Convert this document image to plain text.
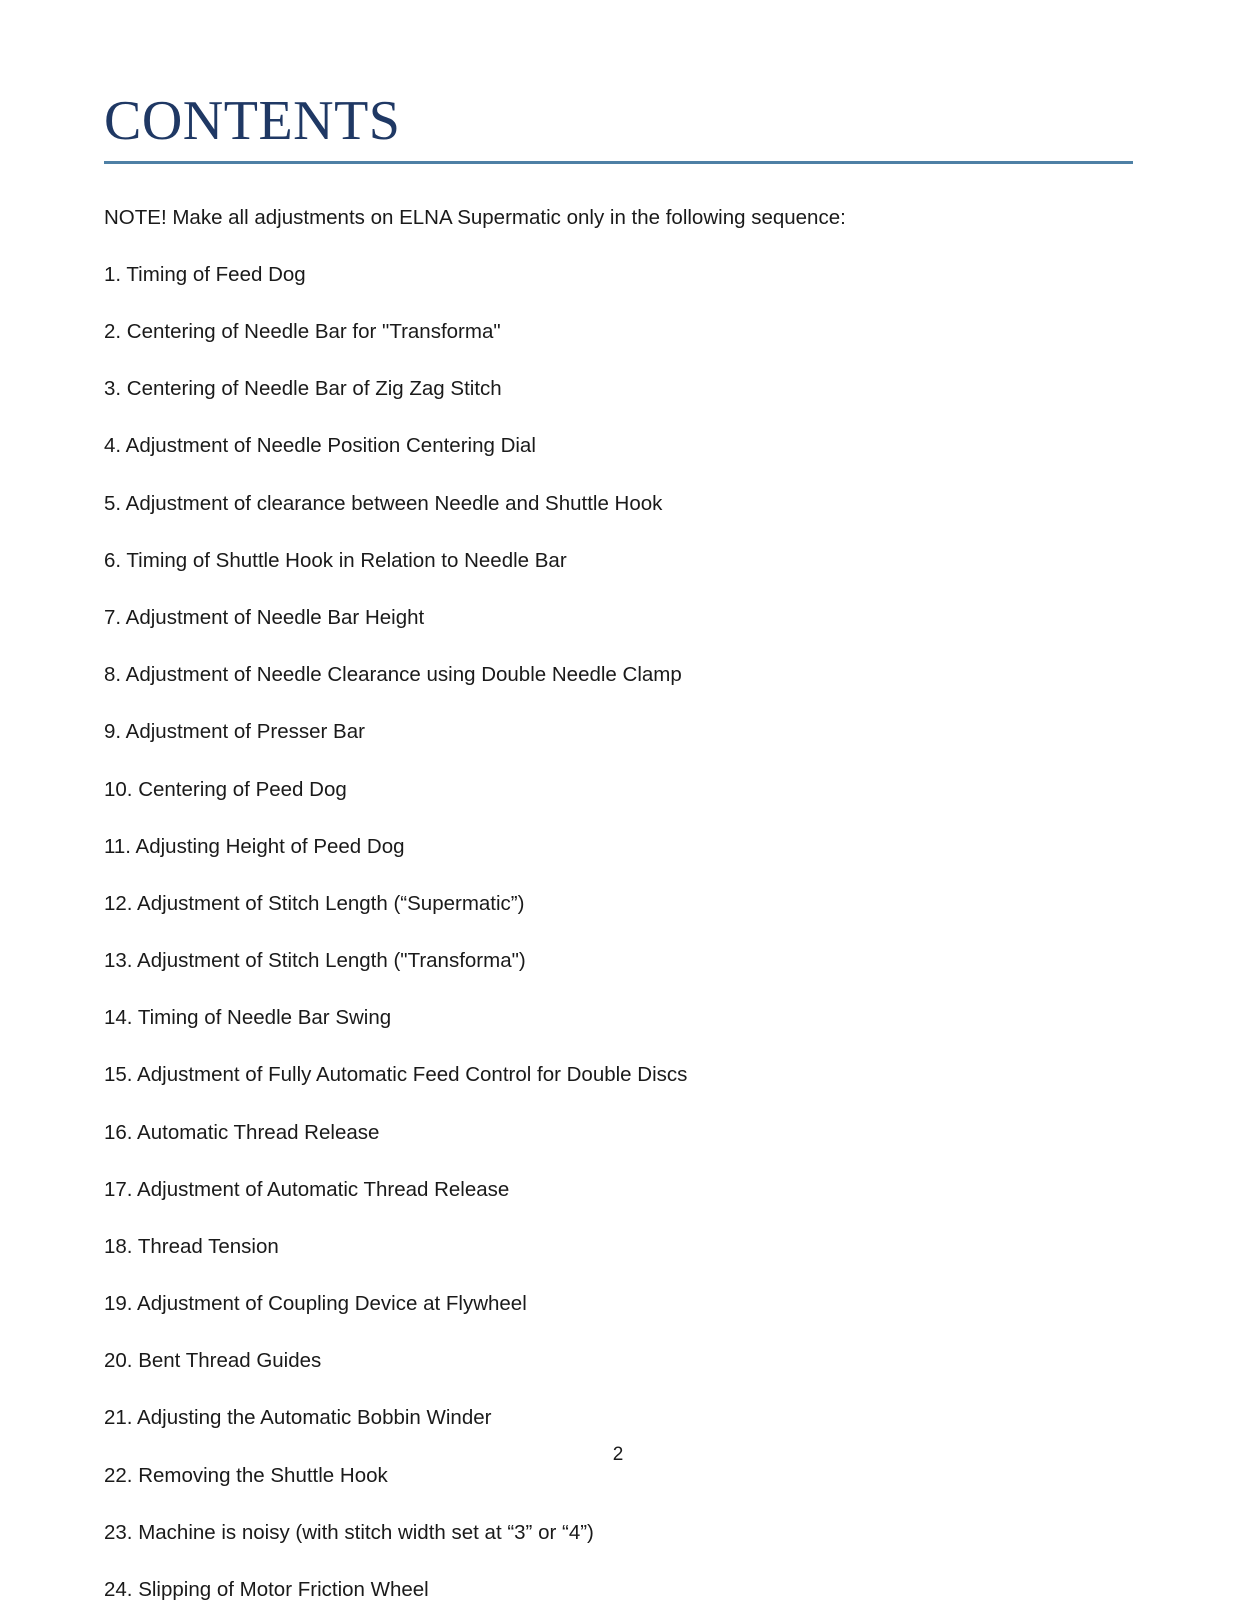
CONTENTS

NOTE! Make all adjustments on ELNA Supermatic only in the following sequence:

1. Timing of Feed Dog
2. Centering of Needle Bar for "Transforma"
3. Centering of Needle Bar of Zig Zag Stitch
4. Adjustment of Needle Position Centering Dial
5. Adjustment of clearance between Needle and Shuttle Hook
6. Timing of Shuttle Hook in Relation to Needle Bar
7. Adjustment of Needle Bar Height
8. Adjustment of Needle Clearance using Double Needle Clamp
9. Adjustment of Presser Bar
10. Centering of Peed Dog
11. Adjusting Height of Peed Dog
12. Adjustment of Stitch Length (“Supermatic”)
13. Adjustment of Stitch Length ("Transforma")
14. Timing of Needle Bar Swing
15. Adjustment of Fully Automatic Feed Control for Double Discs
16. Automatic Thread Release
17. Adjustment of Automatic Thread Release
18. Thread Tension
19. Adjustment of Coupling Device at Flywheel
20. Bent Thread Guides
21. Adjusting the Automatic Bobbin Winder
22. Removing the Shuttle Hook
23. Machine is noisy (with stitch width set at “3” or “4”)
24. Slipping of Motor Friction Wheel
2
